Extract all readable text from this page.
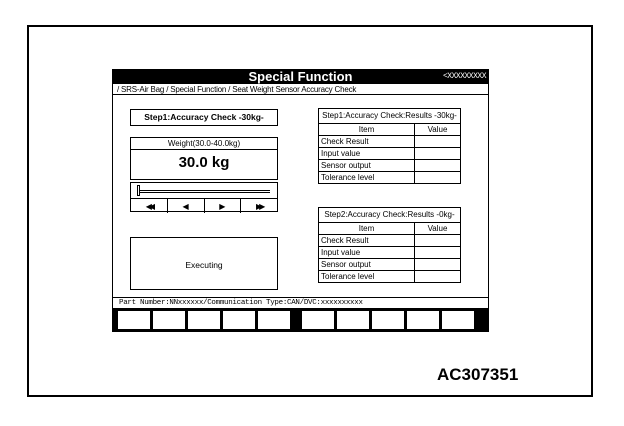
Special Function	<XXXXXXXXX
/ SRS-Air Bag / Special Function / Seat Weight Sensor Accuracy Check
Step1:Accuracy Check -30kg-
Weight(30.0-40.0kg)
30.0 kg
◀◀	◀	▶	▶▶
Executing
Step1:Accuracy Check:Results -30kg-	
Item	Value
Check Result	
Input value	
Sensor output	
Tolerance level	
Step2:Accuracy Check:Results -0kg-	
Item	Value
Check Result	
Input value	
Sensor output	
Tolerance level	
Part Number:NNxxxxxx/Communication Type:CAN/DVC:xxxxxxxxxx
AC307351
